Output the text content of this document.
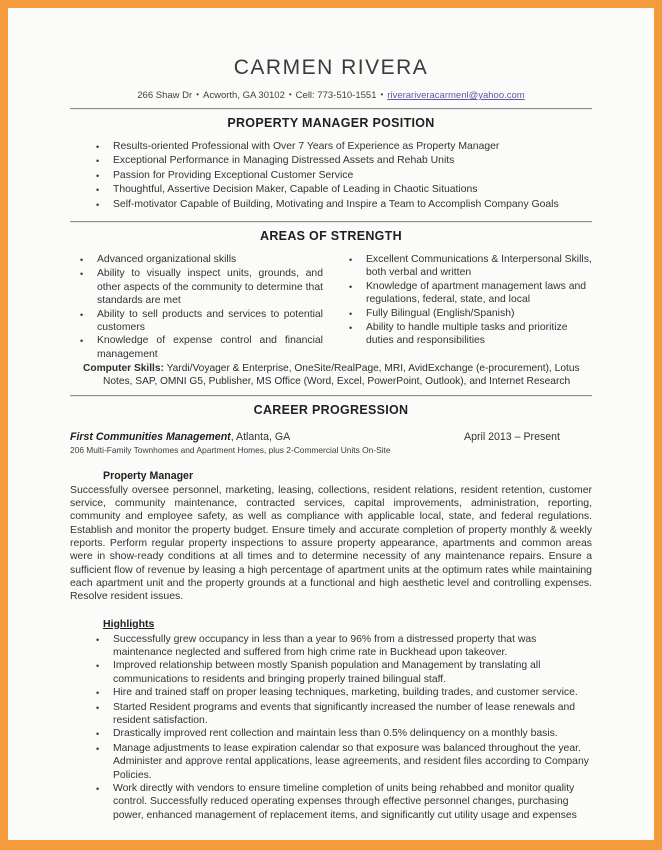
CARMEN RIVERA
266 Shaw Dr • Acworth, GA 30102 • Cell: 773-510-1551 • riverariveracarmenl@yahoo.com
PROPERTY MANAGER POSITION
•	Results-oriented Professional with Over 7 Years of Experience as Property Manager
•	Exceptional Performance in Managing Distressed Assets and Rehab Units
•	Passion for Providing Exceptional Customer Service
•	Thoughtful, Assertive Decision Maker, Capable of Leading in Chaotic Situations
•	Self-motivator Capable of Building, Motivating and Inspire a Team to Accomplish Company Goals
AREAS OF STRENGTH
•	Advanced organizational skills
•	Ability to visually inspect units, grounds, and other aspects of the community to determine that standards are met
•	Ability to sell products and services to potential customers
•	Knowledge of expense control and financial management
•	Excellent Communications & Interpersonal Skills, both verbal and written
•	Knowledge of apartment management laws and regulations, federal, state, and local
•	Fully Bilingual (English/Spanish)
•	Ability to handle multiple tasks and prioritize duties and responsibilities
Computer Skills: Yardi/Voyager & Enterprise, OneSite/RealPage, MRI, AvidExchange (e-procurement), Lotus Notes, SAP, OMNI G5, Publisher, MS Office (Word, Excel, PowerPoint, Outlook), and Internet Research
CAREER PROGRESSION
First Communities Management, Atlanta, GA	April 2013 – Present
206 Multi-Family Townhomes and Apartment Homes, plus 2-Commercial Units On-Site
Property Manager
Successfully oversee personnel, marketing, leasing, collections, resident relations, resident retention, customer service, community maintenance, contracted services, capital improvements, administration, reporting, community and employee safety, as well as compliance with applicable local, state, and federal regulations. Establish and monitor the property budget. Ensure timely and accurate completion of property monthly & weekly reports. Perform regular property inspections to assure property appearance, apartments and common areas were in show-ready conditions at all times and to determine necessity of any maintenance repairs. Ensure a sufficient flow of revenue by leasing a high percentage of apartment units at the optimum rates while maintaining each apartment unit and the property grounds at a functional and high aesthetic level and controlling expenses. Resolve resident issues.
Highlights
•	Successfully grew occupancy in less than a year to 96% from a distressed property that was maintenance neglected and suffered from high crime rate in Buckhead upon takeover.
•	Improved relationship between mostly Spanish population and Management by translating all communications to residents and bringing properly trained bilingual staff.
•	Hire and trained staff on proper leasing techniques, marketing, building trades, and customer service.
•	Started Resident programs and events that significantly increased the number of lease renewals and resident satisfaction.
•	Drastically improved rent collection and maintain less than 0.5% delinquency on a monthly basis.
•	Manage adjustments to lease expiration calendar so that exposure was balanced throughout the year. Administer and approve rental applications, lease agreements, and resident files according to Company Policies.
•	Work directly with vendors to ensure timeline completion of units being rehabbed and monitor quality control. Successfully reduced operating expenses through effective personnel changes, purchasing power, enhanced management of replacement items, and significantly cut utility usage and expenses
